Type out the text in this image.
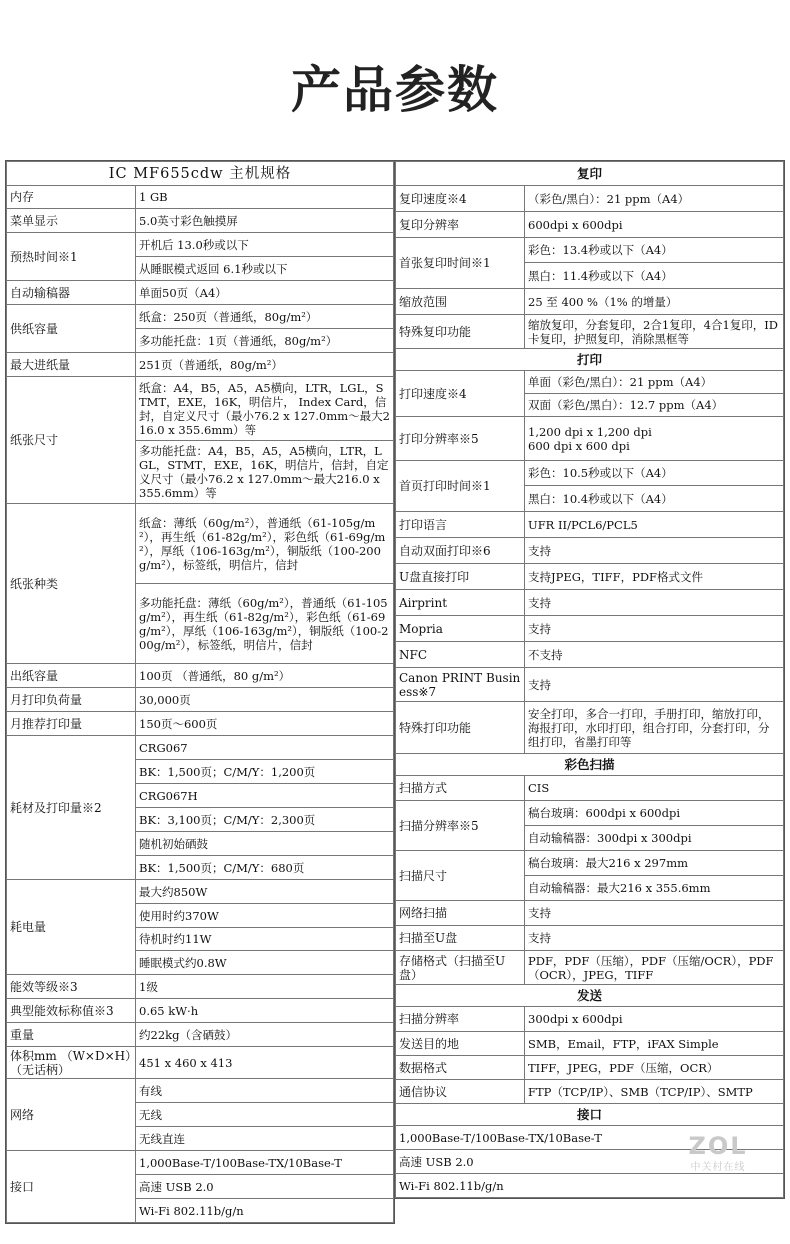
产品参数
IC MF655cdw 主机规格	
内存	1 GB
菜单显示	5.0英寸彩色触摸屏
预热时间※1	开机后 13.0秒或以下
	从睡眠模式返回 6.1秒或以下
自动输稿器	单面50页（A4）
供纸容量	纸盒：250页（普通纸，80g/m²）
	多功能托盘：1页（普通纸，80g/m²）
最大进纸量	251页（普通纸，80g/m²）
纸张尺寸	纸盒：A4，B5，A5，A5横向，LTR，LGL，STMT，EXE，16K，明信片， Index Card，信封，自定义尺寸（最小76.2 x 127.0mm～最大216.0 x 355.6mm）等
	多功能托盘：A4，B5，A5，A5横向，LTR，LGL，STMT，EXE，16K，明信片，信封，自定义尺寸（最小76.2 x 127.0mm～最大216.0 x 355.6mm）等
纸张种类	纸盒：薄纸（60g/m²），普通纸（61-105g/m²），再生纸（61-82g/m²），彩色纸（61-69g/m²），厚纸（106-163g/m²），铜版纸（100-200g/m²），标签纸，明信片，信封
	多功能托盘：薄纸（60g/m²），普通纸（61-105g/m²），再生纸（61-82g/m²），彩色纸（61-69g/m²），厚纸（106-163g/m²），铜版纸（100-200g/m²），标签纸，明信片，信封
出纸容量	100页 （普通纸，80 g/m²）
月打印负荷量	30,000页
月推荐打印量	150页～600页
耗材及打印量※2	CRG067
	BK：1,500页；C/M/Y：1,200页
	CRG067H
	BK：3,100页；C/M/Y：2,300页
	随机初始硒鼓
	BK：1,500页；C/M/Y：680页
耗电量	最大约850W
	使用时约370W
	待机时约11W
	睡眠模式约0.8W
能效等级※3	1级
典型能效标称值※3	0.65 kW·h
重量	约22kg（含硒鼓）
体积mm （W×D×H）（无话柄）	451 x 460 x 413
网络	有线
	无线
	无线直连
接口	1,000Base-T/100Base-TX/10Base-T
	高速 USB 2.0
	Wi-Fi 802.11b/g/n
复印	
复印速度※4	（彩色/黑白）：21 ppm（A4）
复印分辨率	600dpi x 600dpi
首张复印时间※1	彩色：13.4秒或以下（A4）
	黑白：11.4秒或以下（A4）
缩放范围	25 至 400 %（1% 的增量）
特殊复印功能	缩放复印，分套复印，2合1复印，4合1复印，ID卡复印，护照复印，消除黑框等
打印	
打印速度※4	单面（彩色/黑白）：21 ppm（A4）
	双面（彩色/黑白）：12.7 ppm（A4）
打印分辨率※5	1,200 dpi x 1,200 dpi
600 dpi x 600 dpi
首页打印时间※1	彩色：10.5秒或以下（A4）
	黑白：10.4秒或以下（A4）
打印语言	UFR II/PCL6/PCL5
自动双面打印※6	支持
U盘直接打印	支持JPEG，TIFF，PDF格式文件
Airprint	支持
Mopria	支持
NFC	不支持
Canon PRINT Business※7	支持
特殊打印功能	安全打印，多合一打印，手册打印，缩放打印，海报打印，水印打印，组合打印，分套打印，分组打印，省墨打印等
彩色扫描	
扫描方式	CIS
扫描分辨率※5	稿台玻璃：600dpi x 600dpi
	自动输稿器：300dpi x 300dpi
扫描尺寸	稿台玻璃：最大216 x 297mm
	自动输稿器：最大216 x 355.6mm
网络扫描	支持
扫描至U盘	支持
存储格式（扫描至U盘）	PDF，PDF（压缩），PDF（压缩/OCR），PDF（OCR），JPEG，TIFF
发送	
扫描分辨率	300dpi x 600dpi
发送目的地	SMB，Email，FTP，iFAX Simple
数据格式	TIFF，JPEG，PDF（压缩，OCR）
通信协议	FTP（TCP/IP）、SMB（TCP/IP）、SMTP
接口	
1,000Base-T/100Base-TX/10Base-T	
高速 USB 2.0	
Wi-Fi 802.11b/g/n	
ZOL
中关村在线
